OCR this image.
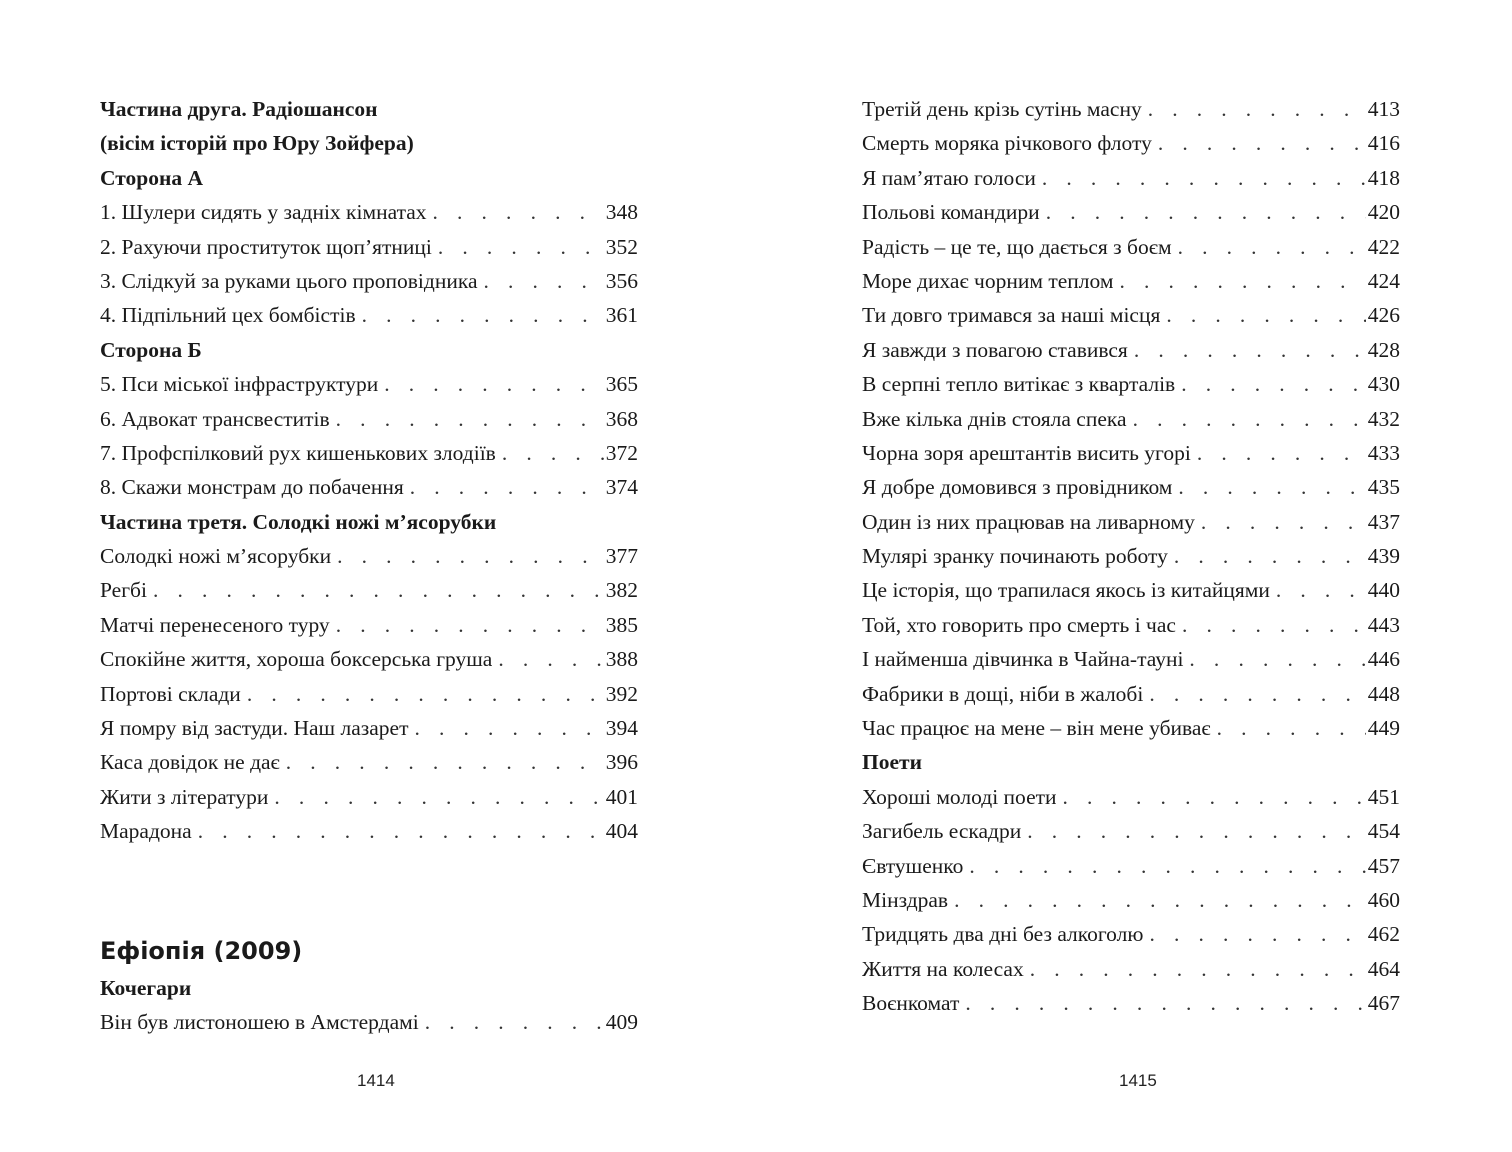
Частина друга. Радіошансон
(вісім історій про Юру Зойфера)
Сторона А
1. Шулери сидять у задніх кімнатах . . .	348
2. Рахуючи проституток щоп’ятниці . . .	352
3. Слідкуй за руками цього проповідника . . .	356
4. Підпільний цех бомбістів . . .	361
Сторона Б
5. Пси міської інфраструктури . . .	365
6. Адвокат трансвеститів . . .	368
7. Профспілковий рух кишенькових злодіїв . . .	372
8. Скажи монстрам до побачення . . .	374
Частина третя. Солодкі ножі м’ясорубки
Солодкі ножі м’ясорубки . . .	377
Регбі . . .	382
Матчі перенесеного туру . . .	385
Спокійне життя, хороша боксерська груша . . .	388
Портові склади . . .	392
Я помру від застуди. Наш лазарет . . .	394
Каса довідок не дає . . .	396
Жити з літератури . . .	401
Марадона . . .	404
Ефіопія (2009)
Кочегари
Він був листоношею в Амстердамі . . .	409
Третій день крізь сутінь масну . . .	413
Смерть моряка річкового флоту . . .	416
Я пам’ятаю голоси . . .	418
Польові командири . . .	420
Радість – це те, що дається з боєм . . .	422
Море дихає чорним теплом . . .	424
Ти довго тримався за наші місця . . .	426
Я завжди з повагою ставився . . .	428
В серпні тепло витікає з кварталів . . .	430
Вже кілька днів стояла спека . . .	432
Чорна зоря арештантів висить угорі . . .	433
Я добре домовився з провідником . . .	435
Один із них працював на ливарному . . .	437
Мулярі зранку починають роботу . . .	439
Це історія, що трапилася якось із китайцями . . .	440
Той, хто говорить про смерть і час . . .	443
І найменша дівчинка в Чайна-тауні . . .	446
Фабрики в дощі, ніби в жалобі . . .	448
Час працює на мене – він мене убиває . . .	449
Поети
Хороші молоді поети . . .	451
Загибель ескадри . . .	454
Євтушенко . . .	457
Мінздрав . . .	460
Тридцять два дні без алкоголю . . .	462
Життя на колесах . . .	464
Воєнкомат . . .	467
1414	1415
